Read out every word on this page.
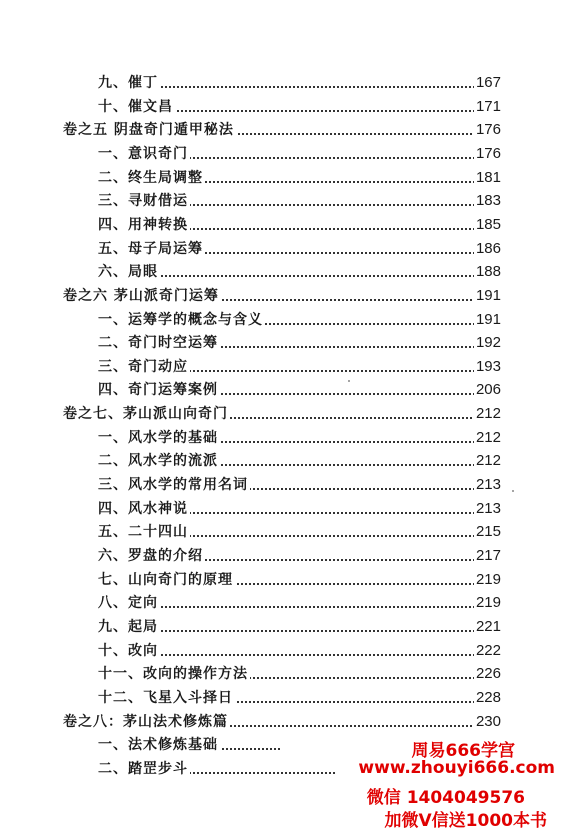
九、催丁	167
十、催文昌	171
卷之五 阴盘奇门遁甲秘法	176
一、意识奇门	176
二、终生局调整	181
三、寻财借运	183
四、用神转换	185
五、母子局运筹	186
六、局眼	188
卷之六 茅山派奇门运筹	191
一、运筹学的概念与含义	191
二、奇门时空运筹	192
三、奇门动应	193
四、奇门运筹案例	206
卷之七、茅山派山向奇门	212
一、风水学的基础	212
二、风水学的流派	212
三、风水学的常用名词	213
四、风水神说	213
五、二十四山	215
六、罗盘的介绍	217
七、山向奇门的原理	219
八、定向	219
九、起局	221
十、改向	222
十一、改向的操作方法	226
十二、飞星入斗择日	228
卷之八：茅山法术修炼篇	230
一、法术修炼基础
二、踏罡步斗
周易666学宫
www.zhouyi666.com
微信 1404049576
加微V信送1000本书
